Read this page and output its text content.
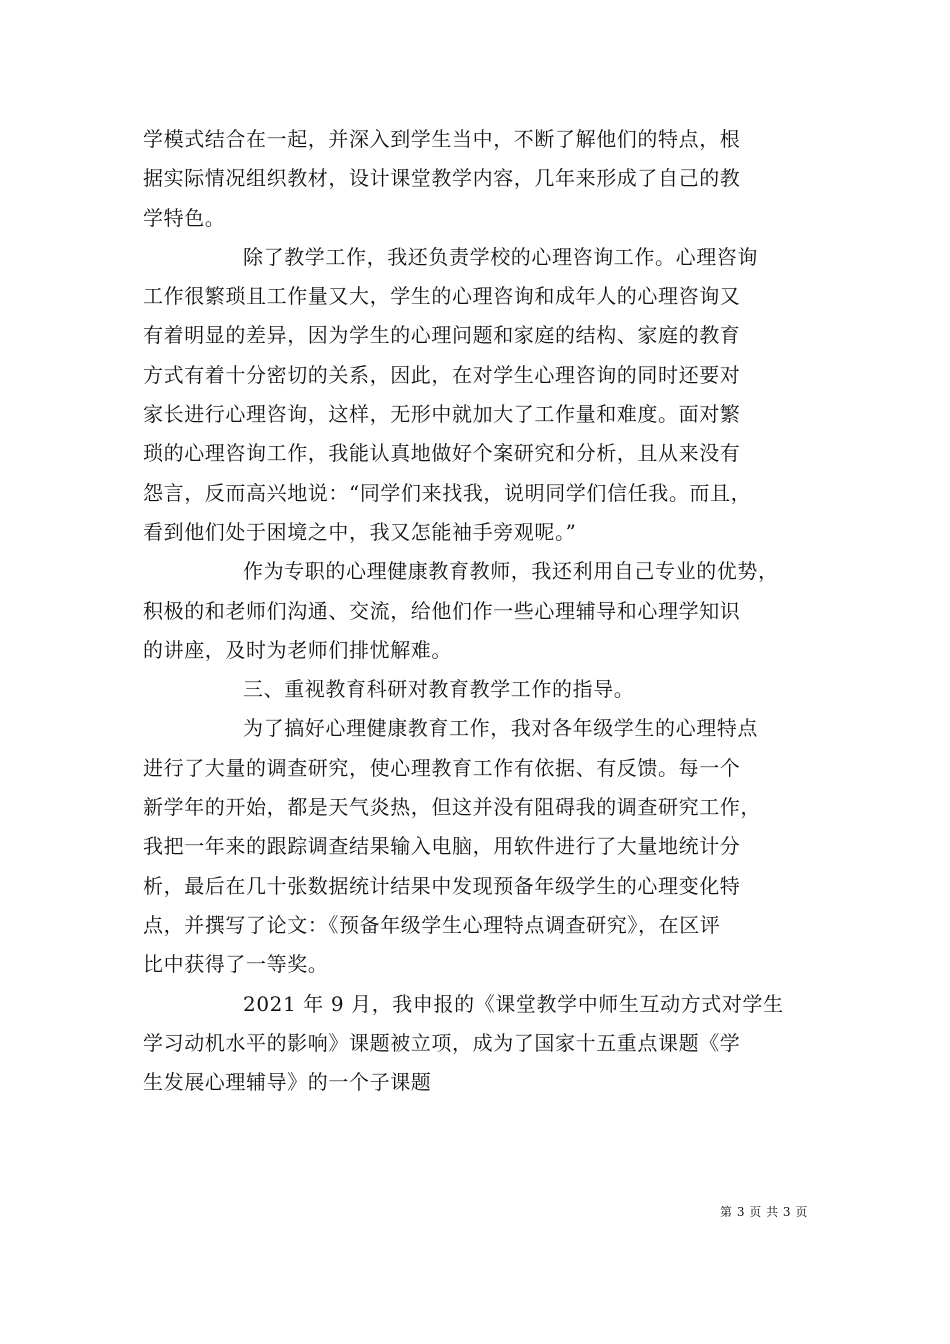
学模式结合在一起，并深入到学生当中，不断了解他们的特点，根
据实际情况组织教材，设计课堂教学内容，几年来形成了自己的教
学特色。
除了教学工作，我还负责学校的心理咨询工作。心理咨询
工作很繁琐且工作量又大，学生的心理咨询和成年人的心理咨询又
有着明显的差异，因为学生的心理问题和家庭的结构、家庭的教育
方式有着十分密切的关系，因此，在对学生心理咨询的同时还要对
家长进行心理咨询，这样，无形中就加大了工作量和难度。面对繁
琐的心理咨询工作，我能认真地做好个案研究和分析，且从来没有
怨言，反而高兴地说：“同学们来找我，说明同学们信任我。而且，
看到他们处于困境之中，我又怎能袖手旁观呢。”
作为专职的心理健康教育教师，我还利用自己专业的优势，
积极的和老师们沟通、交流，给他们作一些心理辅导和心理学知识
的讲座，及时为老师们排忧解难。
三、重视教育科研对教育教学工作的指导。
为了搞好心理健康教育工作，我对各年级学生的心理特点
进行了大量的调查研究，使心理教育工作有依据、有反馈。每一个
新学年的开始，都是天气炎热，但这并没有阻碍我的调查研究工作，
我把一年来的跟踪调查结果输入电脑，用软件进行了大量地统计分
析，最后在几十张数据统计结果中发现预备年级学生的心理变化特
点，并撰写了论文：《预备年级学生心理特点调查研究》，在区评
比中获得了一等奖。
2021 年 9 月，我申报的《课堂教学中师生互动方式对学生
学习动机水平的影响》课题被立项，成为了国家十五重点课题《学
生发展心理辅导》的一个子课题
第 3 页 共 3 页
